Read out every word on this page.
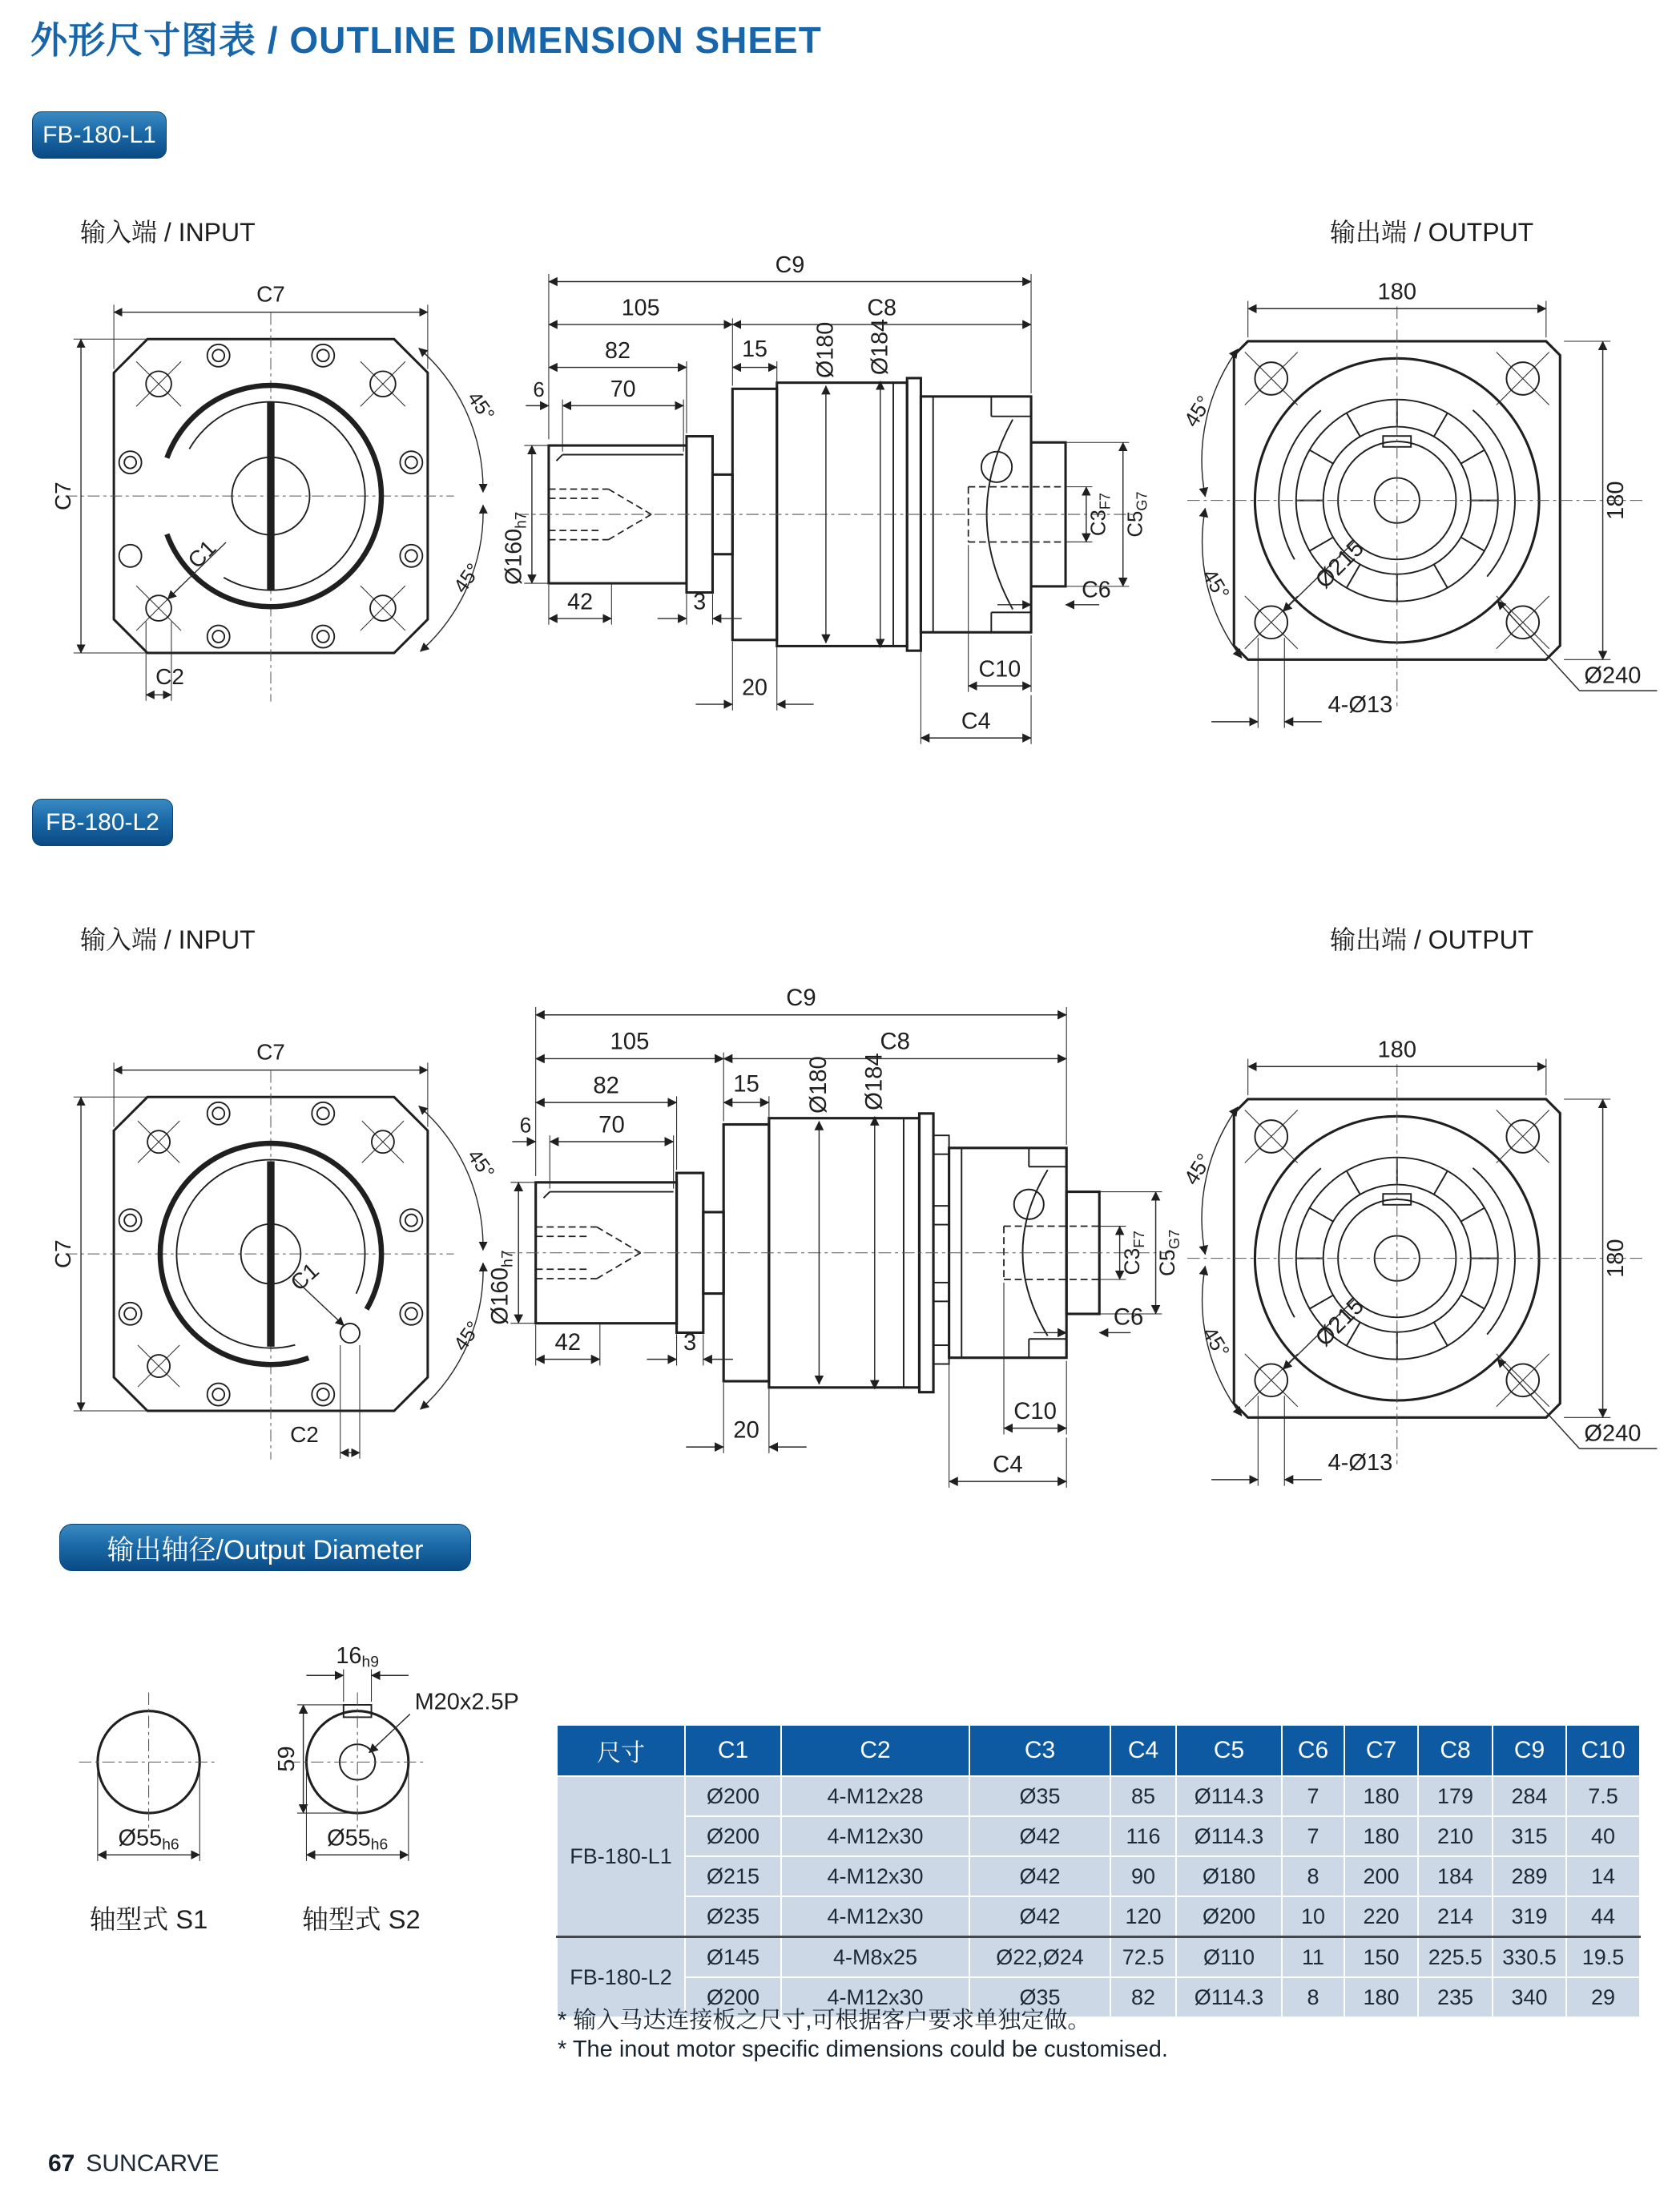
外形尺寸图表 / OUTLINE DIMENSION SHEET
FB-180-L1
输入端 / INPUT	输出端 / OUTPUT
C7
C7
45°
45°
C1
C2
C9
105	C8
82	15 Ø180 Ø184
6	70
$Ø160_{h7}$
42	3
20
C10
C4
$C3_{F7}$
$C5_{G7}$
C6
180
180
45°
45°	Ø215
4-Ø13
Ø240
FB-180-L2
输入端 / INPUT	输出端 / OUTPUT
C7
C7
45°
45°
C1
C2
C9
105	C8
82	15 Ø180 Ø184
6	70
$Ø160_{h7}$
42	3
20
C10
C4
$C3_{F7}$
$C5_{G7}$
C6
180
180
45°
45°	Ø215
4-Ø13
Ø240
输出轴径/Output Diameter
Ø55h6
轴型式 S1
16h9
59
M20x2.5P
Ø55h6
轴型式 S2
尺寸	C1	C2	C3	C4	C5	C6	C7	C8	C9	C10
FB-180-L1	Ø200	4-M12x28	Ø35	85	Ø114.3	7	180	179	284	7.5
	Ø200	4-M12x30	Ø42	116	Ø114.3	7	180	210	315	40
	Ø215	4-M12x30	Ø42	90	Ø180	8	200	184	289	14
	Ø235	4-M12x30	Ø42	120	Ø200	10	220	214	319	44
FB-180-L2	Ø145	4-M8x25	Ø22,Ø24	72.5	Ø110	11	150	225.5	330.5	19.5
	Ø200	4-M12x30	Ø35	82	Ø114.3	8	180	235	340	29
* 输入马达连接板之尺寸,可根据客户要求单独定做。
* The inout motor specific dimensions could be customised.
67 SUNCARVE
